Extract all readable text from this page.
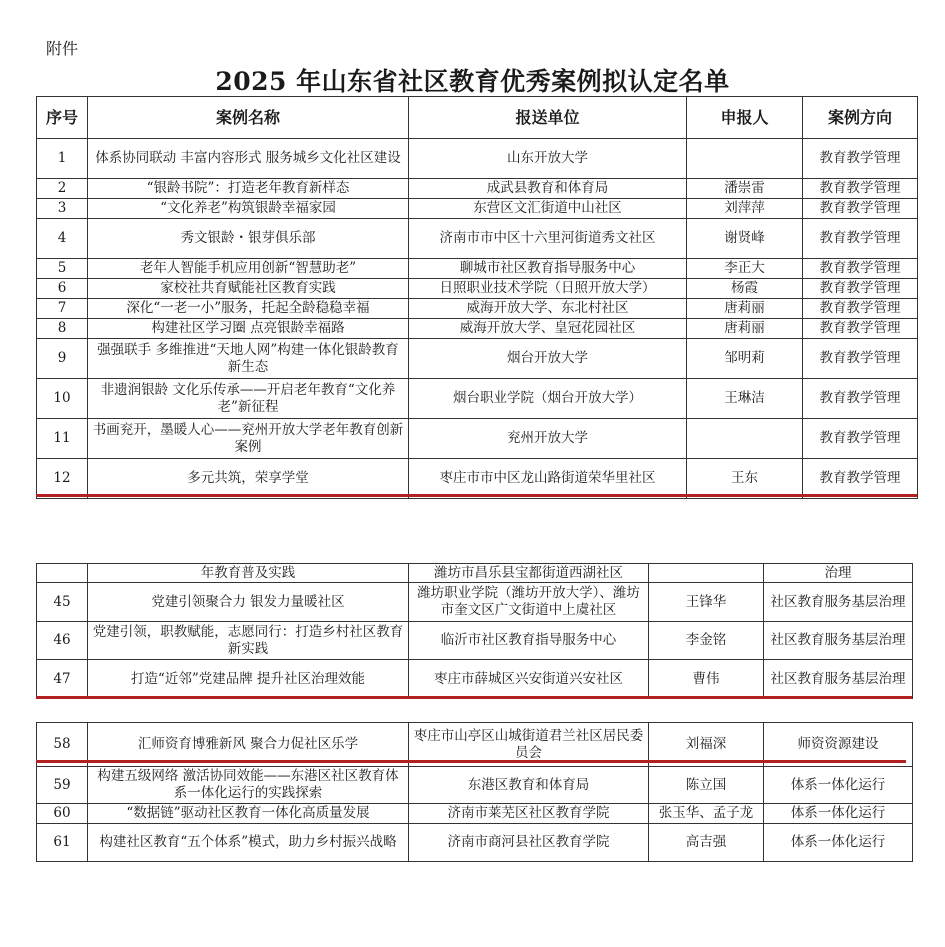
附件
2025 年山东省社区教育优秀案例拟认定名单
序号	案例名称	报送单位	申报人	案例方向
1	体系协同联动 丰富内容形式 服务城乡文化社区建设	山东开放大学		教育教学管理
2	“银龄书院”：打造老年教育新样态	成武县教育和体育局	潘崇雷	教育教学管理
3	“文化养老”构筑银龄幸福家园	东营区文汇街道中山社区	刘萍萍	教育教学管理
4	秀文银龄・银芽俱乐部	济南市市中区十六里河街道秀文社区	谢贤峰	教育教学管理
5	老年人智能手机应用创新“智慧助老”	聊城市社区教育指导服务中心	李正大	教育教学管理
6	家校社共育赋能社区教育实践	日照职业技术学院（日照开放大学）	杨霞	教育教学管理
7	深化“一老一小”服务，托起全龄稳稳幸福	威海开放大学、东北村社区	唐莉丽	教育教学管理
8	构建社区学习圈 点亮银龄幸福路	威海开放大学、皇冠花园社区	唐莉丽	教育教学管理
9	强强联手 多维推进“天地人网”构建一体化银龄教育新生态	烟台开放大学	邹明莉	教育教学管理
10	非遗润银龄 文化乐传承——开启老年教育“文化养老”新征程	烟台职业学院（烟台开放大学）	王琳洁	教育教学管理
11	书画兖开，墨暖人心——兖州开放大学老年教育创新案例	兖州开放大学		教育教学管理
12	多元共筑，荣享学堂	枣庄市市中区龙山路街道荣华里社区	王东	教育教学管理
	年教育普及实践	潍坊市昌乐县宝都街道西湖社区		治理
45	党建引领聚合力 银发力量暖社区	潍坊职业学院（潍坊开放大学）、潍坊市奎文区广文街道中上虞社区	王锋华	社区教育服务基层治理
46	党建引领，职教赋能，志愿同行：打造乡村社区教育新实践	临沂市社区教育指导服务中心	李金铭	社区教育服务基层治理
47	打造“近邻”党建品牌 提升社区治理效能	枣庄市薛城区兴安街道兴安社区	曹伟	社区教育服务基层治理
58	汇师资育博雅新风 聚合力促社区乐学	枣庄市山亭区山城街道君兰社区居民委员会	刘福深	师资资源建设
59	构建五级网络 激活协同效能——东港区社区教育体系一体化运行的实践探索	东港区教育和体育局	陈立国	体系一体化运行
60	“数据链”驱动社区教育一体化高质量发展	济南市莱芜区社区教育学院	张玉华、孟子龙	体系一体化运行
61	构建社区教育“五个体系”模式，助力乡村振兴战略	济南市商河县社区教育学院	高吉强	体系一体化运行
